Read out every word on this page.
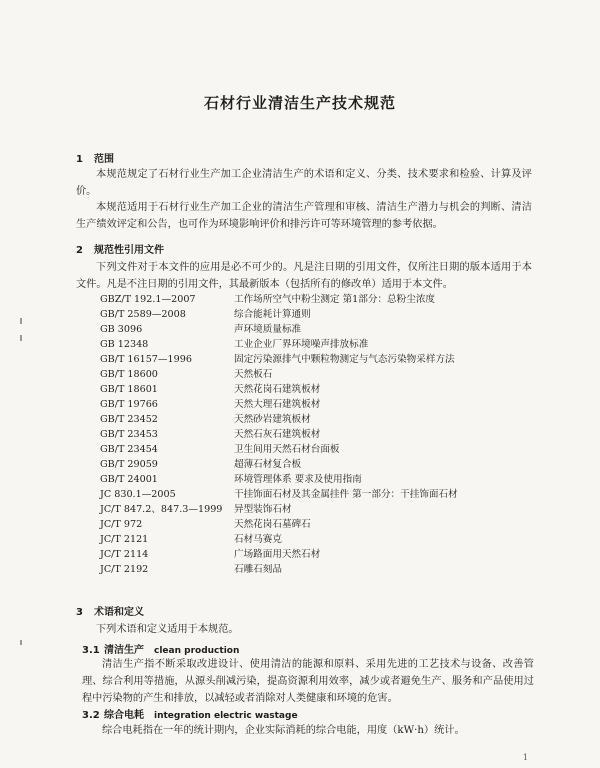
石材行业清洁生产技术规范
1 范围
本规范规定了石材行业生产加工企业清洁生产的术语和定义、分类、技术要求和检验、计算及评价。
本规范适用于石材行业生产加工企业的清洁生产管理和审核、清洁生产潜力与机会的判断、清洁生产绩效评定和公告，也可作为环境影响评价和排污许可等环境管理的参考依据。
2 规范性引用文件
下列文件对于本文件的应用是必不可少的。凡是注日期的引用文件，仅所注日期的版本适用于本文件。凡是不注日期的引用文件，其最新版本（包括所有的修改单）适用于本文件。
GBZ/T 192.1—2007	工作场所空气中粉尘测定 第1部分：总粉尘浓度
GB/T 2589—2008	综合能耗计算通则
GB 3096	声环境质量标准
GB 12348	工业企业厂界环境噪声排放标准
GB/T 16157—1996	固定污染源排气中颗粒物测定与气态污染物采样方法
GB/T 18600	天然板石
GB/T 18601	天然花岗石建筑板材
GB/T 19766	天然大理石建筑板材
GB/T 23452	天然砂岩建筑板材
GB/T 23453	天然石灰石建筑板材
GB/T 23454	卫生间用天然石材台面板
GB/T 29059	超薄石材复合板
GB/T 24001	环境管理体系 要求及使用指南
JC 830.1—2005	干挂饰面石材及其金属挂件 第一部分：干挂饰面石材
JC/T 847.2、847.3—1999 异型装饰石材
JC/T 972	天然花岗石墓碑石
JC/T 2121	石材马赛克
JC/T 2114	广场路面用天然石材
JC/T 2192	石雕石刻品
3 术语和定义
下列术语和定义适用于本规范。
3.1 清洁生产 clean production
清洁生产指不断采取改进设计、使用清洁的能源和原料、采用先进的工艺技术与设备、改善管理、综合利用等措施，从源头削减污染，提高资源利用效率，减少或者避免生产、服务和产品使用过程中污染物的产生和排放，以减轻或者消除对人类健康和环境的危害。
3.2 综合电耗 integration electric wastage
综合电耗指在一年的统计期内，企业实际消耗的综合电能，用度（kW·h）统计。
1
